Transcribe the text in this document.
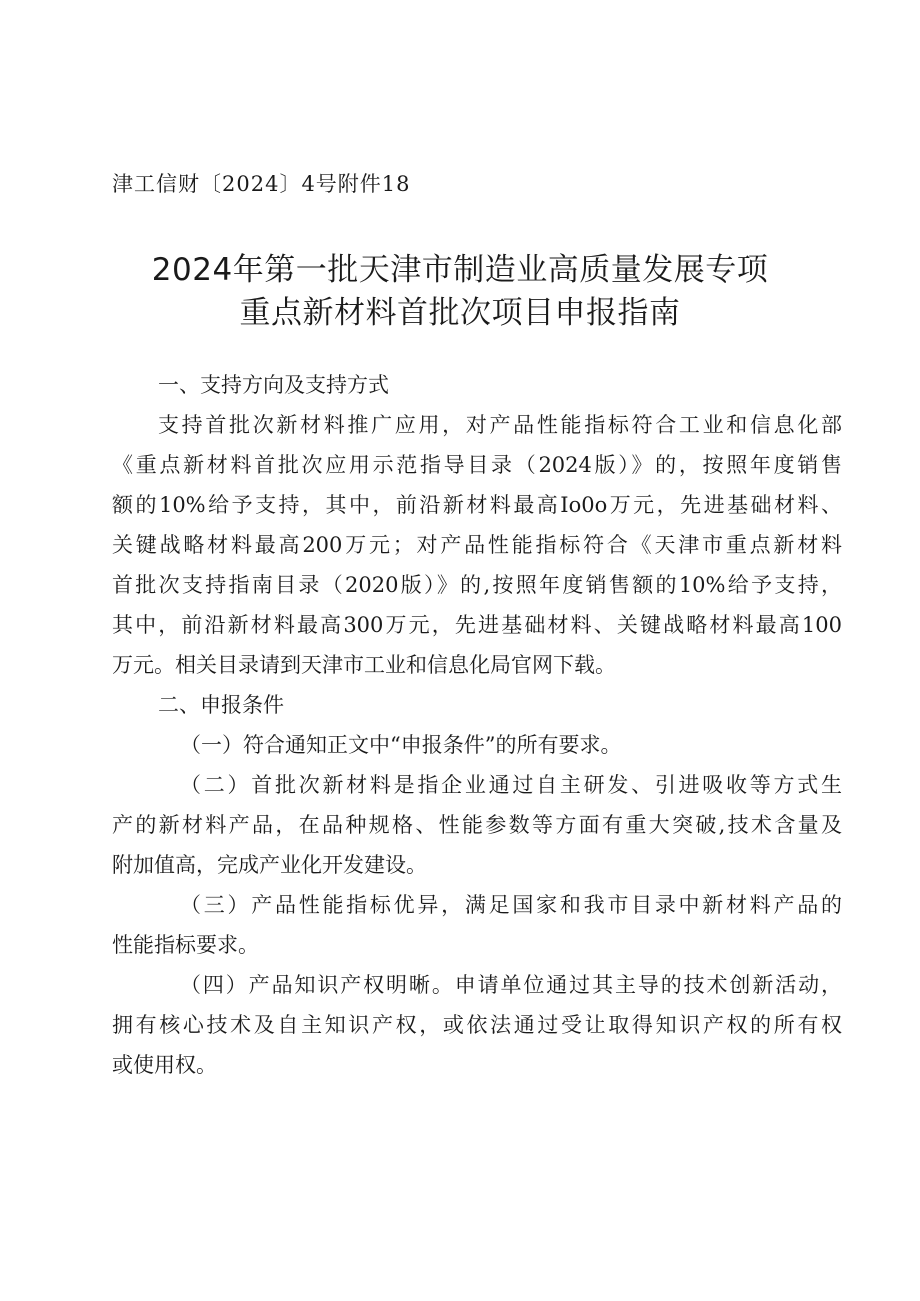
津工信财〔2024〕4号附件18
2024年第一批天津市制造业高质量发展专项
重点新材料首批次项目申报指南
一、支持方向及支持方式
支持首批次新材料推广应用，对产品性能指标符合工业和信息化部
《重点新材料首批次应用示范指导目录（2024版）》的，按照年度销售
额的10%给予支持，其中，前沿新材料最高Io0o万元，先进基础材料、
关键战略材料最高200万元；对产品性能指标符合《天津市重点新材料
首批次支持指南目录（2020版）》的,按照年度销售额的10%给予支持，
其中，前沿新材料最高300万元，先进基础材料、关键战略材料最高100
万元。相关目录请到天津市工业和信息化局官网下载。
二、申报条件
（一）符合通知正文中“申报条件”的所有要求。
（二）首批次新材料是指企业通过自主研发、引进吸收等方式生
产的新材料产品，在品种规格、性能参数等方面有重大突破,技术含量及
附加值高，完成产业化开发建设。
（三）产品性能指标优异，满足国家和我市目录中新材料产品的
性能指标要求。
（四）产品知识产权明晰。申请单位通过其主导的技术创新活动，
拥有核心技术及自主知识产权，或依法通过受让取得知识产权的所有权
或使用权。
